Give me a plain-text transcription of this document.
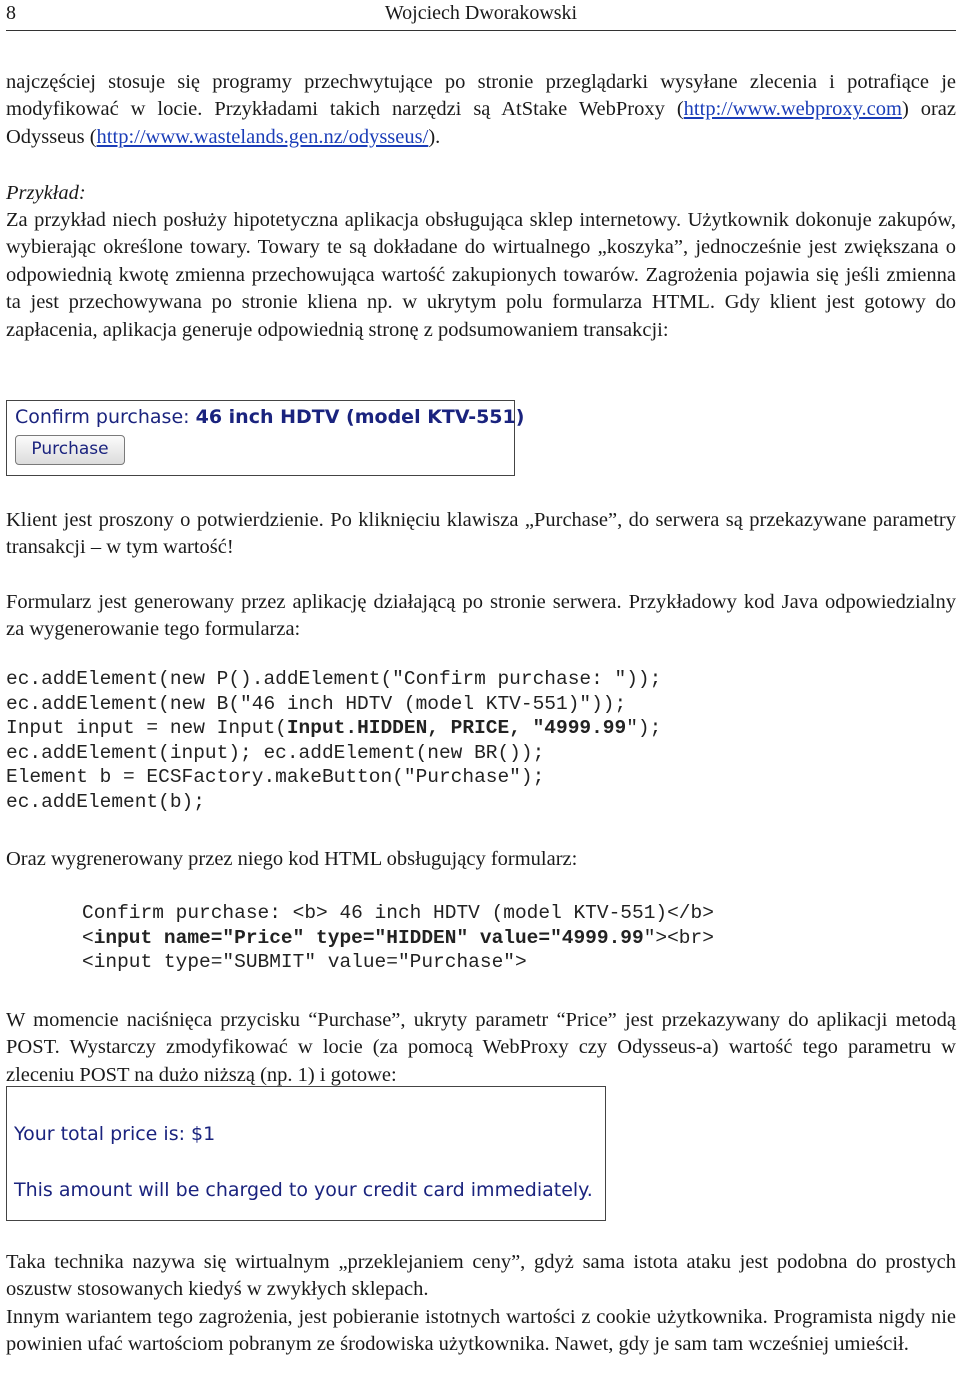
8	Wojciech Dworakowski
najczęściej stosuje się programy przechwytujące po stronie przeglądarki wysyłane zlecenia i potrafiące je modyfikować w locie. Przykładami takich narzędzi są AtStake WebProxy (http://www.webproxy.com) oraz Odysseus (http://www.wastelands.gen.nz/odysseus/).
Przykład:
Za przykład niech posłuży hipotetyczna aplikacja obsługująca sklep internetowy. Użytkownik dokonuje zakupów, wybierając określone towary. Towary te są dokładane do wirtualnego „koszyka”, jednocześnie jest zwiększana o odpowiednią kwotę zmienna przechowująca wartość zakupionych towarów. Zagrożenia pojawia się jeśli zmienna ta jest przechowywana po stronie kliena np. w ukrytym polu formularza HTML. Gdy klient jest gotowy do zapłacenia, aplikacja generuje odpowiednią stronę z podsumowaniem transakcji:
Confirm purchase: 46 inch HDTV (model KTV-551)
Purchase
Klient jest proszony o potwierdzienie. Po kliknięciu klawisza „Purchase”, do serwera są przekazywane parametry transakcji – w tym wartość!
Formularz jest generowany przez aplikację działającą po stronie serwera. Przykładowy kod Java odpowiedzialny za wygenerowanie tego formularza:
ec.addElement(new P().addElement("Confirm purchase: "));
ec.addElement(new B("46 inch HDTV (model KTV-551)"));
Input input = new Input(Input.HIDDEN, PRICE, "4999.99");
ec.addElement(input); ec.addElement(new BR());
Element b = ECSFactory.makeButton("Purchase");
ec.addElement(b);
Oraz wygrenerowany przez niego kod HTML obsługujący formularz:
Confirm purchase: <b> 46 inch HDTV (model KTV-551)</b>
<input name="Price" type="HIDDEN" value="4999.99"><br>
<input type="SUBMIT" value="Purchase">
W momencie naciśnięca przycisku “Purchase”, ukryty parametr “Price” jest przekazywany do aplikacji metodą POST. Wystarczy zmodyfikować w locie (za pomocą WebProxy czy Odysseus-a) wartość tego parametru w zleceniu POST na dużo niższą (np. 1) i gotowe:
Your total price is: $1
This amount will be charged to your credit card immediately.
Taka technika nazywa się wirtualnym „przeklejaniem ceny”, gdyż sama istota ataku jest podobna do prostych oszustw stosowanych kiedyś w zwykłych sklepach.
Innym wariantem tego zagrożenia, jest pobieranie istotnych wartości z cookie użytkownika. Programista nigdy nie powinien ufać wartościom pobranym ze środowiska użytkownika. Nawet, gdy je sam tam wcześniej umieścił.
